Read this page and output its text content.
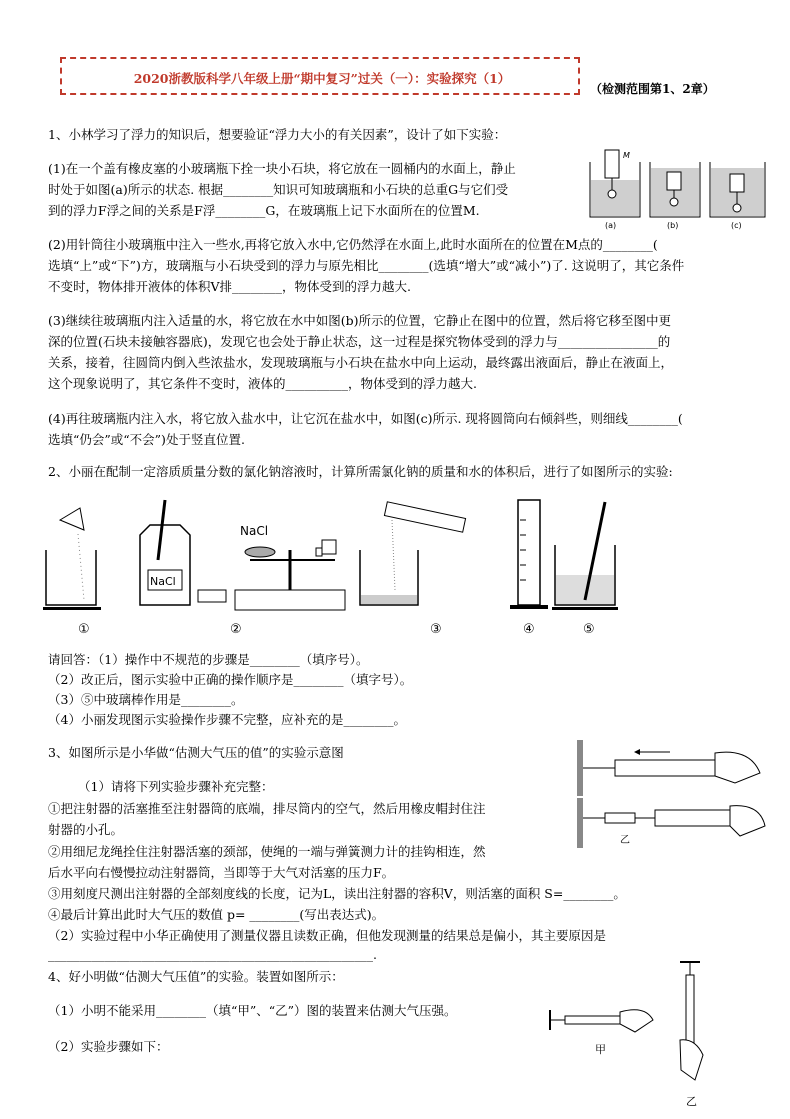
2020浙教版科学八年级上册“期中复习”过关（一）：实验探究（1）
（检测范围第1、2章）
1、小林学习了浮力的知识后，想要验证“浮力大小的有关因素”，设计了如下实验：
(1)在一个盖有橡皮塞的小玻璃瓶下拴一块小石块，将它放在一圆桶内的水面上，静止
时处于如图(a)所示的状态. 根据________知识可知玻璃瓶和小石块的总重G与它们受
到的浮力F浮之间的关系是F浮________G，在玻璃瓶上记下水面所在的位置M.
M
(a)	(b)	(c)
(2)用针筒往小玻璃瓶中注入一些水,再将它放入水中,它仍然浮在水面上,此时水面所在的位置在M点的________(
选填“上”或“下”)方，玻璃瓶与小石块受到的浮力与原先相比________(选填“增大”或“减小”)了. 这说明了，其它条件
不变时，物体排开液体的体积V排________，物体受到的浮力越大.
(3)继续往玻璃瓶内注入适量的水，将它放在水中如图(b)所示的位置，它静止在图中的位置，然后将它移至图中更
深的位置(石块未接触容器底)，发现它也会处于静止状态，这一过程是探究物体受到的浮力与________________的
关系，接着，往圆筒内倒入些浓盐水，发现玻璃瓶与小石块在盐水中向上运动，最终露出液面后，静止在液面上，
这个现象说明了，其它条件不变时，液体的__________，物体受到的浮力越大.
(4)再往玻璃瓶内注入水，将它放入盐水中，让它沉在盐水中，如图(c)所示. 现将圆筒向右倾斜些，则细线________(
选填“仍会”或“不会”)处于竖直位置.
2、小丽在配制一定溶质质量分数的氯化钠溶液时，计算所需氯化钠的质量和水的体积后，进行了如图所示的实验:
NaCl
NaCl
①	②	③	④	⑤
请回答：（1）操作中不规范的步骤是________（填序号）。
（2）改正后，图示实验中正确的操作顺序是________（填字号）。
（3）⑤中玻璃棒作用是________。
（4）小丽发现图示实验操作步骤不完整，应补充的是________。
3、如图所示是小华做“估测大气压的值”的实验示意图
（1）请将下列实验步骤补充完整：
①把注射器的活塞推至注射器筒的底端，排尽筒内的空气，然后用橡皮帽封住注
射器的小孔。
②用细尼龙绳拴住注射器活塞的颈部，使绳的一端与弹簧测力计的挂钩相连，然
后水平向右慢慢拉动注射器筒，当即等于大气对活塞的压力F。
③用刻度尺测出注射器的全部刻度线的长度，记为L，读出注射器的容积V，则活塞的面积 S=________。
④最后计算出此时大气压的数值 p= ________(写出表达式)。
（2）实验过程中小华正确使用了测量仪器且读数正确，但他发现测量的结果总是偏小，其主要原因是
____________________________________________________.
乙
4、好小明做“估测大气压值”的实验。装置如图所示：
（1）小明不能采用________（填“甲”、“乙”）图的装置来估测大气压强。
（2）实验步骤如下：	甲
乙
